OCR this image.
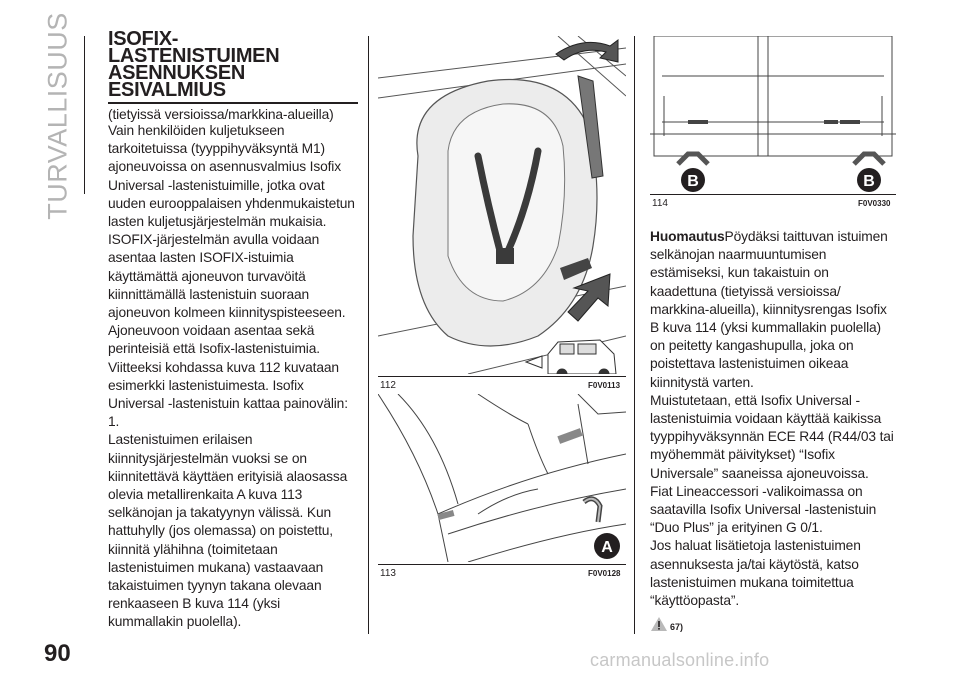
TURVALLISUUS ISOFIX-
LASTENISTUIMEN
ASENNUKSEN
ESIVALMIUS

(tietyissä versioissa/markkina-alueilla)

Vain henkilöiden kuljetukseen tarkoitetuissa (tyyppihyväksyntä M1) ajoneuvoissa on asennusvalmius Isofix Universal -lastenistuimille, jotka ovat uuden eurooppalaisen yhdenmukaistetun lasten kuljetusjärjestelmän mukaisia. ISOFIX-järjestelmän avulla voidaan asentaa lasten ISOFIX-istuimia käyttämättä ajoneuvon turvavöitä kiinnittämällä lastenistuin suoraan ajoneuvon kolmeen kiinnityspisteeseen.

Ajoneuvoon voidaan asentaa sekä perinteisiä että Isofix-lastenistuimia. Viitteeksi kohdassa kuva 112 kuvataan esimerkki lastenistuimesta. Isofix Universal -lastenistuin kattaa painovälin: 1.

Lastenistuimen erilaisen kiinnitysjärjestelmän vuoksi se on kiinnitettävä käyttäen erityisiä alaosassa olevia metallirenkaita A kuva 113 selkänojan ja takatyynyn välissä. Kun hattuhylly (jos olemassa) on poistettu, kiinnitä ylähihna (toimitetaan lastenistuimen mukana) vastaavaan takaistuimen tyynyn takana olevaan renkaaseen B kuva 114 (yksi kummallakin puolella).

112	F0V0113
A
113	F0V0128
B	B
114	F0V0330

HuomautusPöydäksi taittuvan istuimen selkänojan naarmuuntumisen estämiseksi, kun takaistuin on kaadettuna (tietyissä versioissa/ markkina-alueilla), kiinnitysrengas Isofix B kuva 114 (yksi kummallakin puolella) on peitetty kangashupulla, joka on poistettava lastenistuimen oikeaa kiinnitystä varten.

Muistutetaan, että Isofix Universal -lastenistuimia voidaan käyttää kaikissa tyyppihyväksynnän ECE R44 (R44/03 tai myöhemmät päivitykset) “Isofix Universale” saaneissa ajoneuvoissa.

Fiat Lineaccessori -valikoimassa on saatavilla Isofix Universal -lastenistuin “Duo Plus” ja erityinen G 0/1.

Jos haluat lisätietoja lastenistuimen asennuksesta ja/tai käytöstä, katso lastenistuimen mukana toimitettua “käyttöopasta”.

67)
90	carmanualsonline.info
